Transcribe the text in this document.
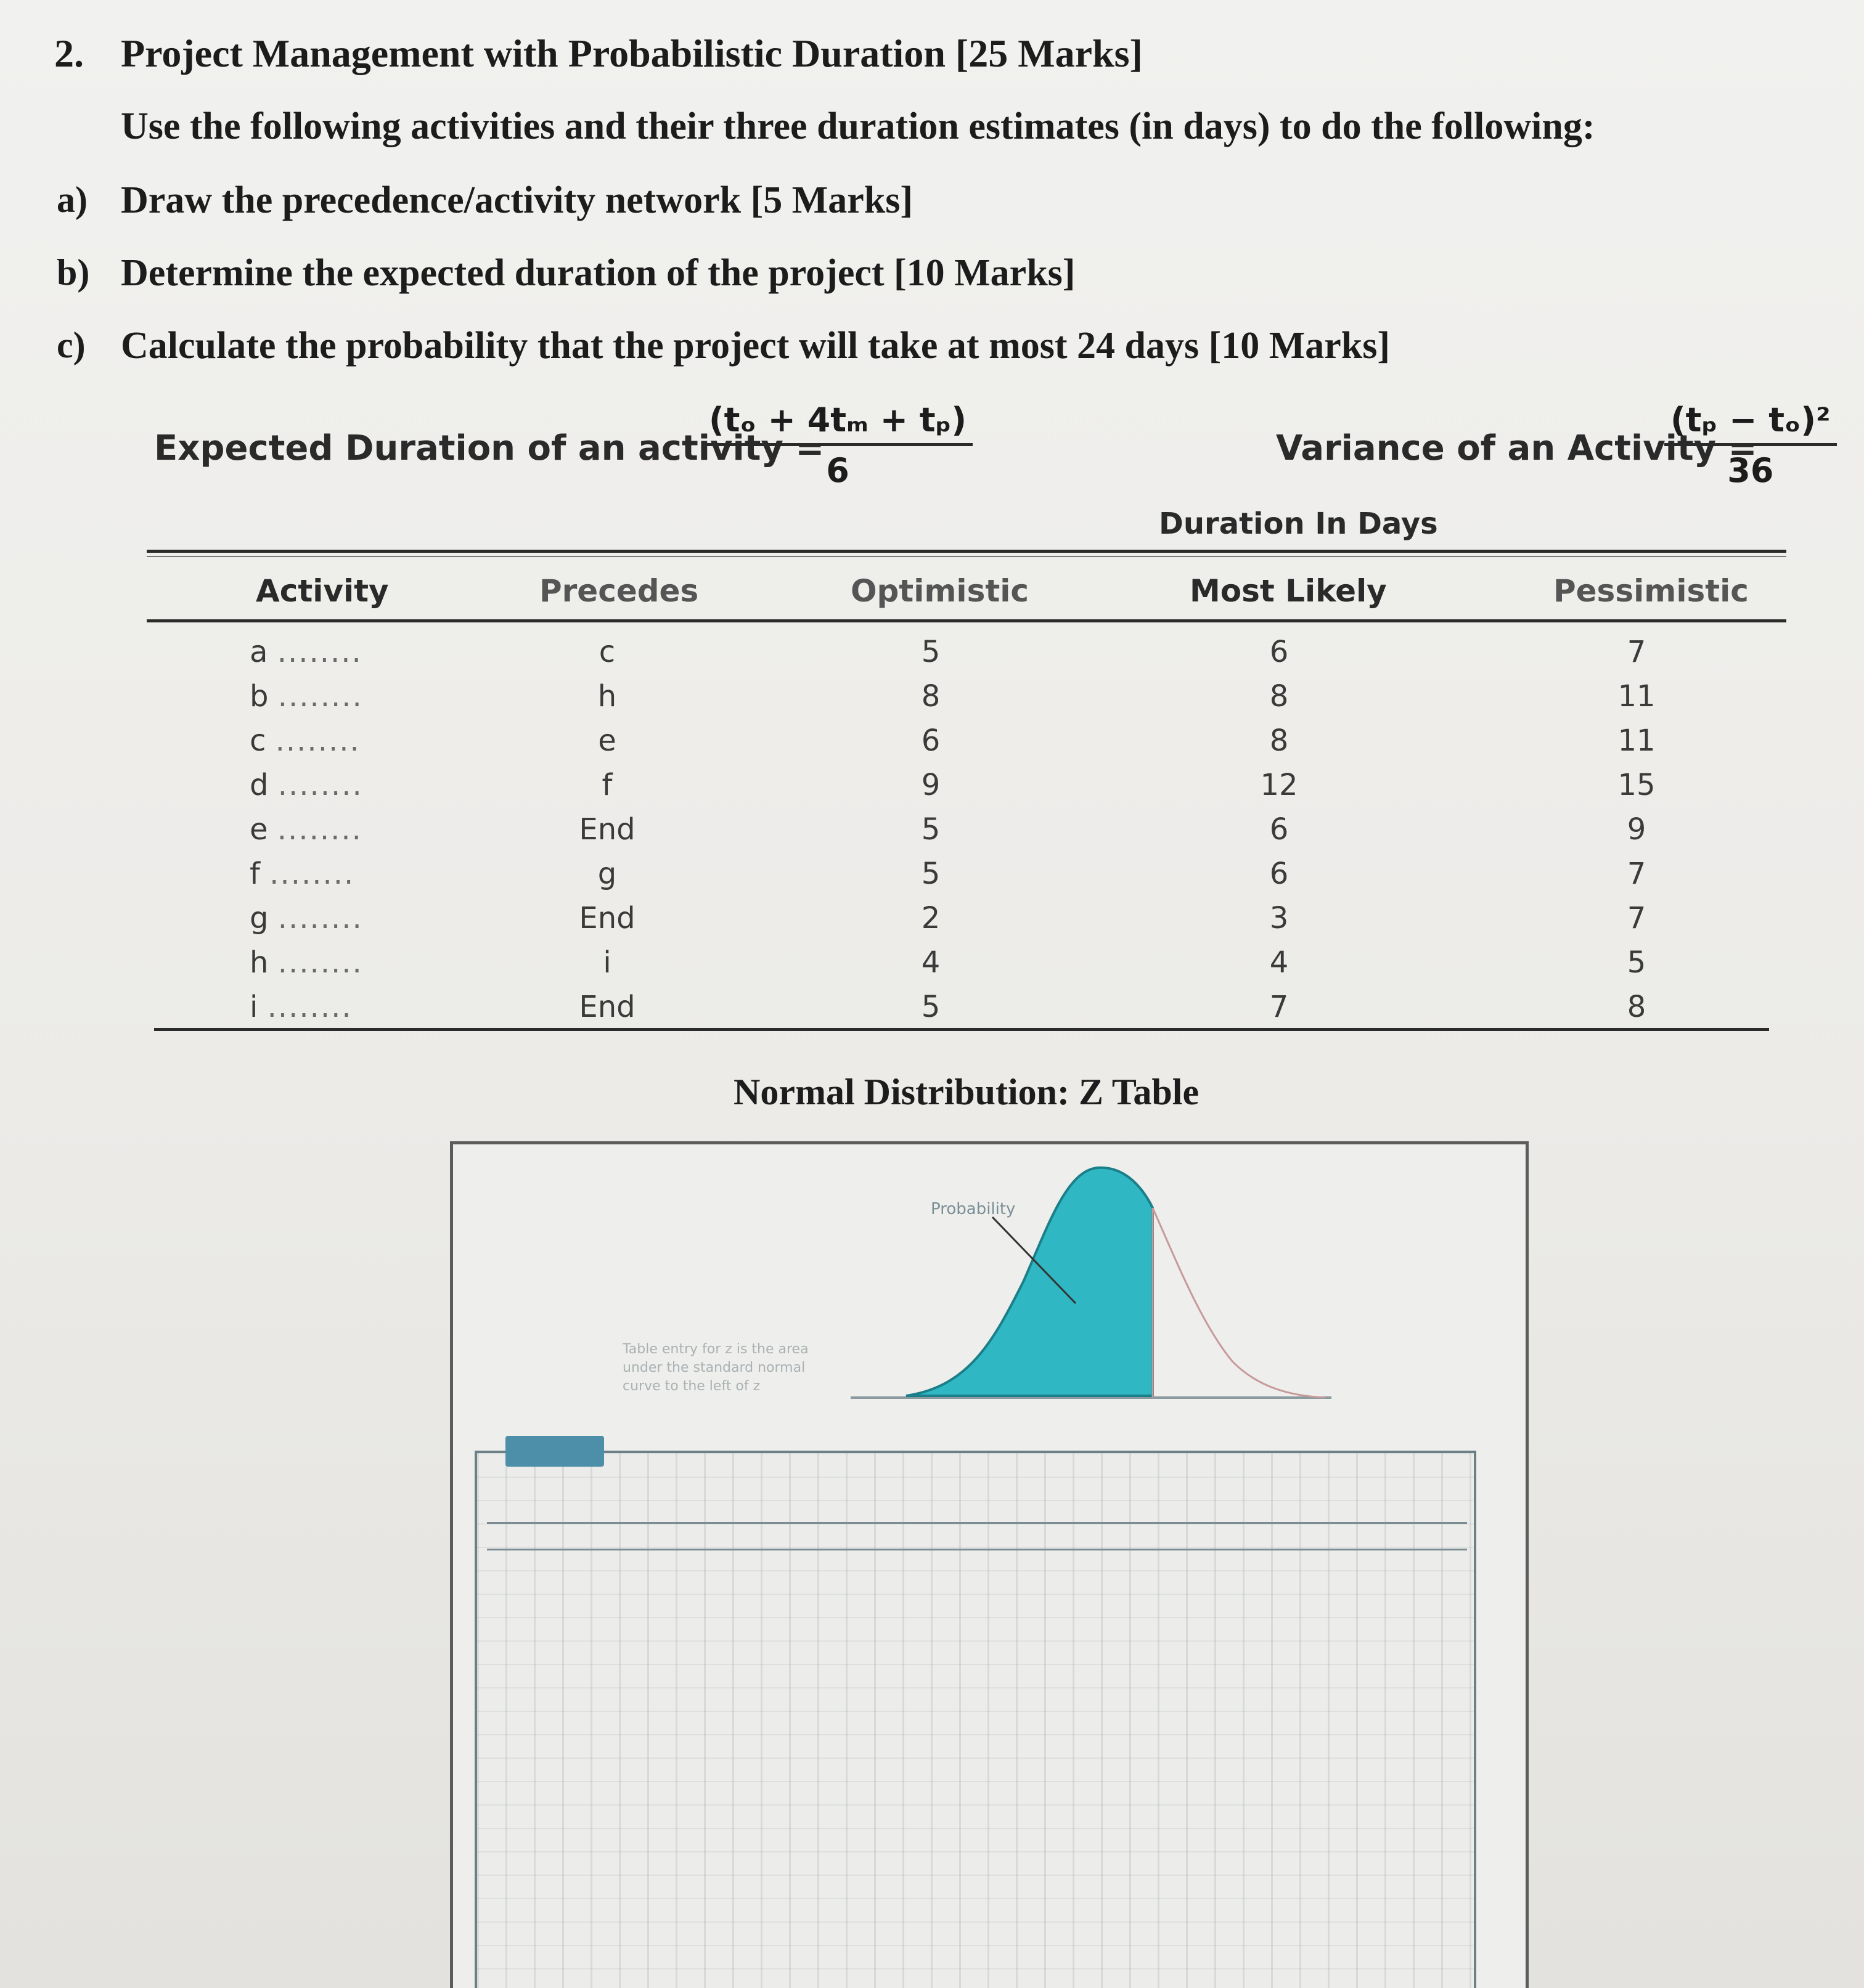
2. Project Management with Probabilistic Duration [25 Marks]
Use the following activities and their three duration estimates (in days) to do the following:
a) Draw the precedence/activity network [5 Marks]
b) Determine the expected duration of the project [10 Marks]
c) Calculate the probability that the project will take at most 24 days [10 Marks]
Expected Duration of an activity =
$\frac{\text{(tₒ + 4tₘ + tₚ)}}{6}$	Variance of an Activity =
$\frac{\text{(tₚ − tₒ)²}}{36}$
Duration In Days
Activity	Precedes	Optimistic	Most Likely	Pessimistic
a ........	c	5	6	7
b ........	h	8	8	11
c ........	e	6	8	11
d ........	f	9	12	15
e ........	End	5	6	9
f ........	g	5	6	7
g ........	End	2	3	7
h ........	i	4	4	5
i ........	End	5	7	8
Normal Distribution: Z Table
Probability
Table entry for z is the area under the standard normal curve to the left of z
